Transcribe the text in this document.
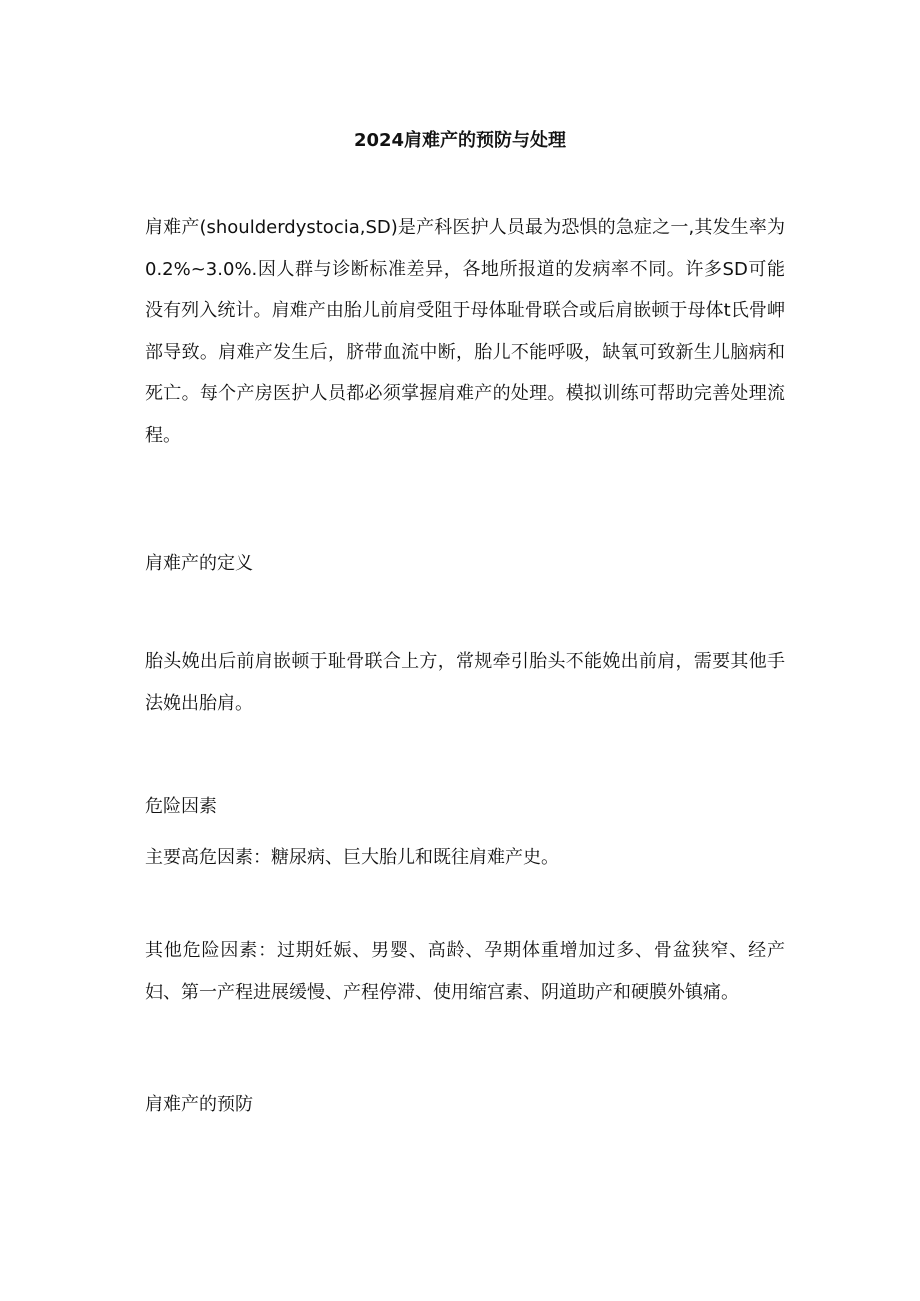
2024肩难产的预防与处理

肩难产(shoulderdystocia,SD)是产科医护人员最为恐惧的急症之一,其发生率为0.2%~3.0%.因人群与诊断标准差异，各地所报道的发病率不同。许多SD可能没有列入统计。肩难产由胎儿前肩受阻于母体耻骨联合或后肩嵌顿于母体t氏骨岬部导致。肩难产发生后，脐带血流中断，胎儿不能呼吸，缺氧可致新生儿脑病和死亡。每个产房医护人员都必须掌握肩难产的处理。模拟训练可帮助完善处理流程。

肩难产的定义

胎头娩出后前肩嵌顿于耻骨联合上方，常规牵引胎头不能娩出前肩，需要其他手法娩出胎肩。

危险因素

主要高危因素：糖尿病、巨大胎儿和既往肩难产史。

其他危险因素：过期妊娠、男婴、高龄、孕期体重增加过多、骨盆狭窄、经产妇、第一产程进展缓慢、产程停滞、使用缩宫素、阴道助产和硬膜外镇痛。

肩难产的预防
